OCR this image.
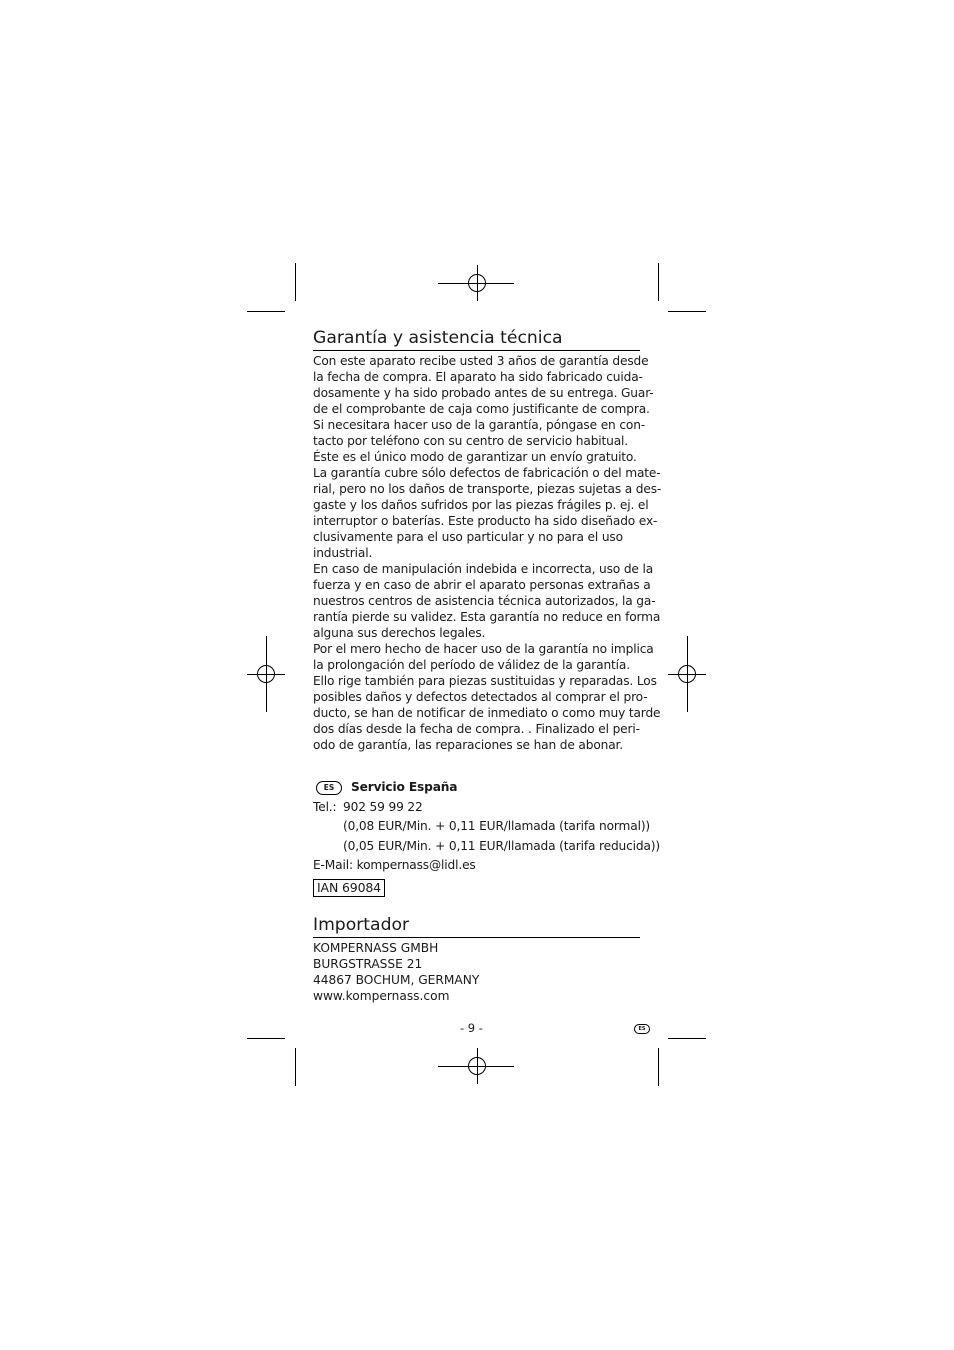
Garantía y asistencia técnica

Con este aparato recibe usted 3 años de garantía desde

la fecha de compra. El aparato ha sido fabricado cuida-

dosamente y ha sido probado antes de su entrega. Guar-

de el comprobante de caja como justificante de compra.

Si necesitara hacer uso de la garantía, póngase en con-

tacto por teléfono con su centro de servicio habitual.

Éste es el único modo de garantizar un envío gratuito.

La garantía cubre sólo defectos de fabricación o del mate-

rial, pero no los daños de transporte, piezas sujetas a des-

gaste y los daños sufridos por las piezas frágiles p. ej. el

interruptor o baterías. Este producto ha sido diseñado ex-

clusivamente para el uso particular y no para el uso

industrial.

En caso de manipulación indebida e incorrecta, uso de la

fuerza y en caso de abrir el aparato personas extrañas a

nuestros centros de asistencia técnica autorizados, la ga-

rantía pierde su validez. Esta garantía no reduce en forma

alguna sus derechos legales.

Por el mero hecho de hacer uso de la garantía no implica

la prolongación del período de válidez de la garantía.

Ello rige también para piezas sustituidas y reparadas. Los

posibles daños y defectos detectados al comprar el pro-

ducto, se han de notificar de inmediato o como muy tarde

dos días desde la fecha de compra. . Finalizado el peri-

odo de garantía, las reparaciones se han de abonar.

ES	Servicio España
Tel.: 902 59 99 22
(0,08 EUR/Min. + 0,11 EUR/llamada (tarifa normal))
(0,05 EUR/Min. + 0,11 EUR/llamada (tarifa reducida))
E-Mail: kompernass@lidl.es
IAN 69084
Importador

KOMPERNASS GMBH

BURGSTRASSE 21

44867 BOCHUM, GERMANY

www.kompernass.com

- 9 -	ES
